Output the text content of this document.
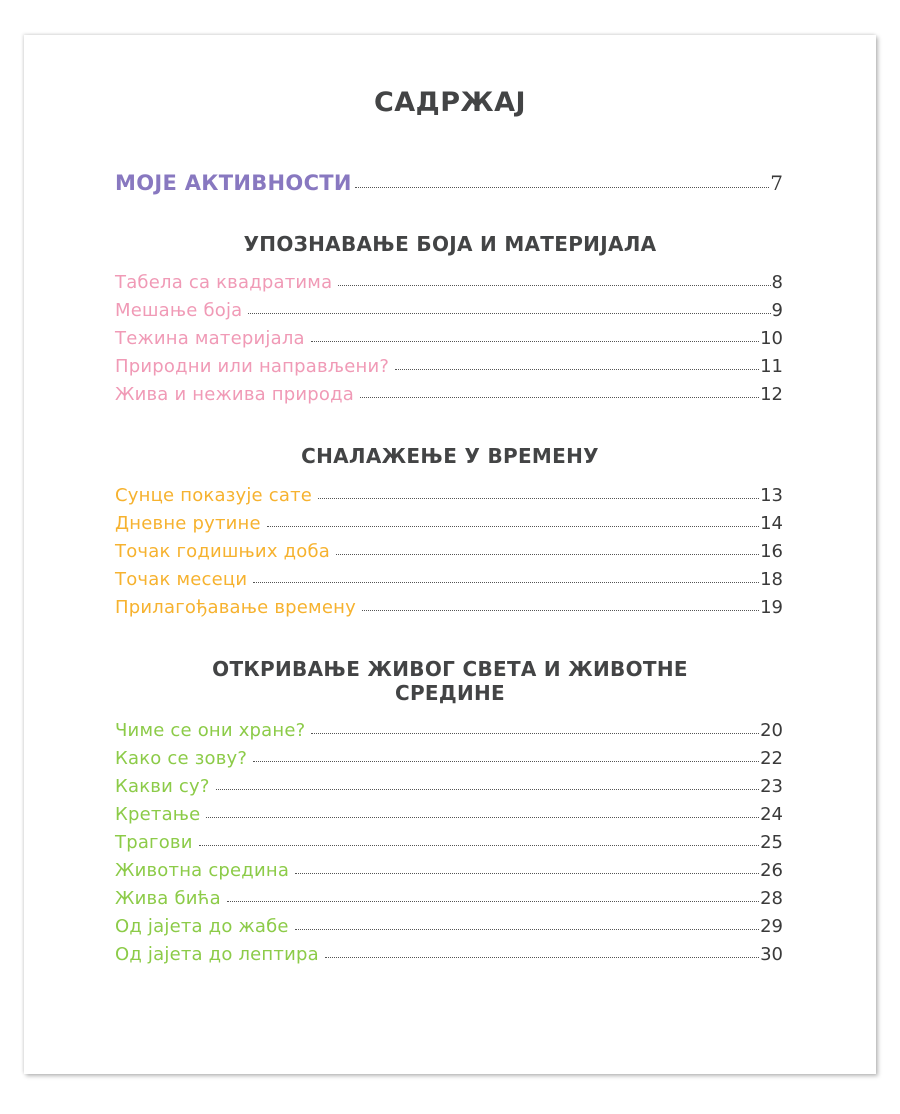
САДРЖАЈ
МОЈЕ АКТИВНОСТИ	7
УПОЗНАВАЊЕ БОЈА И МАТЕРИЈАЛА
Табела са квадратима	8
Мешање боја	9
Тежина материјала	10
Природни или направљени?	11
Жива и нежива природа	12
СНАЛАЖЕЊЕ У ВРЕМЕНУ
Сунце показује сате	13
Дневне рутине	14
Точак годишњих доба	16
Точак месеци	18
Прилагођавање времену	19
ОТКРИВАЊЕ ЖИВОГ СВЕТА И ЖИВОТНЕ
СРЕДИНЕ
Чиме се они хране?	20
Како се зову?	22
Какви су?	23
Кретање	24
Трагови	25
Животна средина	26
Жива бића	28
Од јајета до жабе	29
Од јајета до лептира	30
